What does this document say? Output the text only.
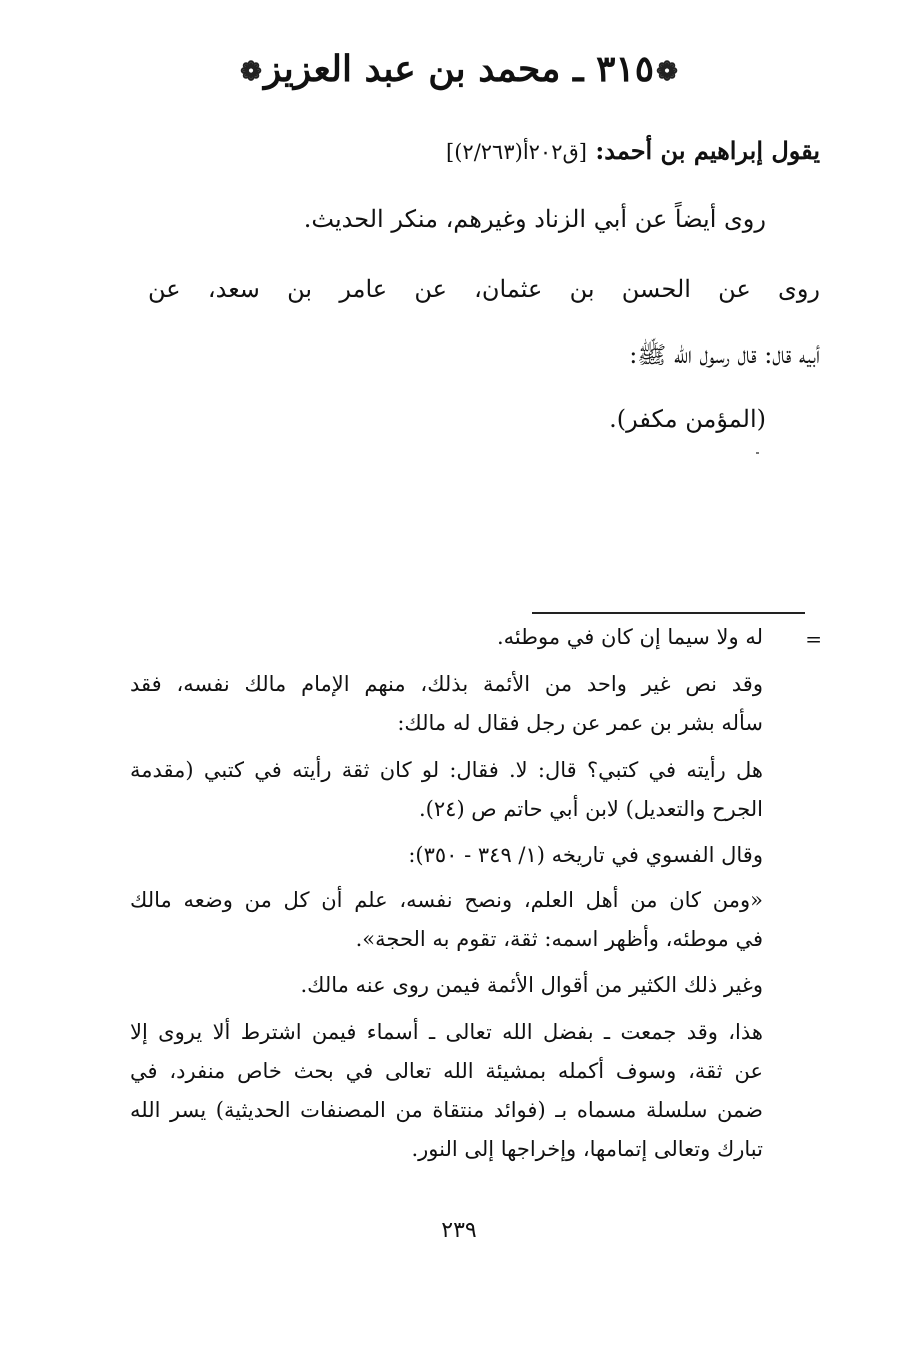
❁٣١٥ ـ محمد بن عبد العزيز❁
يقول إبراهيم بن أحمد: [ق٢٠٢أ(٢/٢٦٣)]
روى أيضاً عن أبي الزناد وغيرهم، منكر الحديث.
روى عن الحسن بن عثمان، عن عامر بن سعد، عن
أبيه قال: قال رسول الله ﷺ:
(المؤمن مكفر).
=
له ولا سيما إن كان في موطئه.
وقد نص غير واحد من الأئمة بذلك، منهم الإمام مالك نفسه، فقد
سأله بشر بن عمر عن رجل فقال له مالك:
هل رأيته في كتبي؟ قال: لا. فقال: لو كان ثقة رأيته في كتبي (مقدمة
الجرح والتعديل) لابن أبي حاتم ص (٢٤).
وقال الفسوي في تاريخه (١/ ٣٤٩ - ٣٥٠):
«ومن كان من أهل العلم، ونصح نفسه، علم أن كل من وضعه مالك
في موطئه، وأظهر اسمه: ثقة، تقوم به الحجة».
وغير ذلك الكثير من أقوال الأئمة فيمن روى عنه مالك.
هذا، وقد جمعت ـ بفضل الله تعالى ـ أسماء فيمن اشترط ألا يروى إلا
عن ثقة، وسوف أكمله بمشيئة الله تعالى في بحث خاص منفرد، في
ضمن سلسلة مسماه بـ (فوائد منتقاة من المصنفات الحديثية) يسر الله
تبارك وتعالى إتمامها، وإخراجها إلى النور.
٢٣٩
